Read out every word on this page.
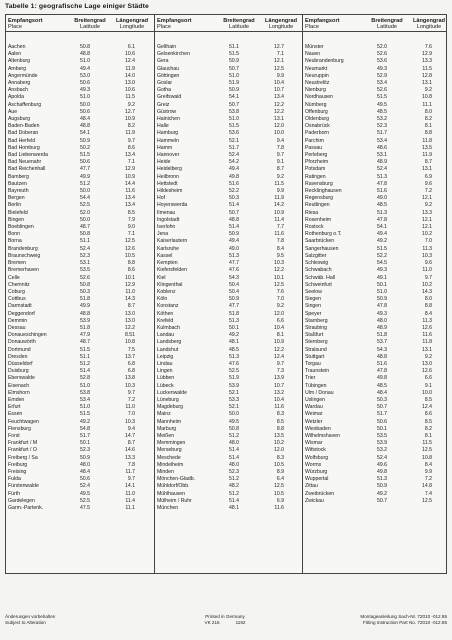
Tabelle 1: geografische Lage einiger Städte
Empfangsort
Place
Breitengrad
Latitude
Längengrad
Longitude
Aachen	50.8	6.1
Aalen	48.8	10.6
Altenburg	51.0	12.4
Amberg	49.4	11.9
Angermünde	53.0	14.0
Annaberg	50.6	13.0
Ansbach	49.3	10.6
Apolda	51.0	11.5
Aschaffenburg	50.0	9.2
Aue	50.6	12.7
Augsburg	48.4	10.9
Baden-Baden	48.8	8.2
Bad Doberan	54.1	11.9
Bad Herfeld	50.9	9.7
Bad Homburg	50.2	8.6
Bad Liebenwerda	51.5	13.4
Bad Neuenahr	50.6	7.1
Bad Reichenhall	47.7	12.9
Bamberg	49.9	10.9
Bautzen	51.2	14.4
Bayreuth	50.0	11.6
Bergen	54.4	13.4
Berlin	52.5	13.4
Bielefeld	52.0	8.5
Bingen	50.0	7.9
Boeblingen	48.7	9.0
Bonn	50.8	7.1
Borna	51.1	12.5
Brandenburg	52.4	12.6
Braunschweig	52.3	10.5
Bremen	53.1	8.8
Bremerhaven	53.5	8.6
Celle	52.6	10.1
Chemnitz	50.8	12.9
Coburg	50.3	11.0
Cottbus	51.8	14.3
Darmstadt	49.9	8.7
Deggendorf	48.8	13.0
Demmin	53.9	13.0
Dessau	51.8	12.2
Donaueschingen	47.9	8.51
Donauwörth	48.7	10.8
Dortmund	51.5	7.5
Dresden	51.1	13.7
Düsseldorf	51.2	6.8
Duisburg	51.4	6.8
Eberswalde	52.8	13.8
Eisenach	51.0	10.3
Elmshorn	53.8	9.7
Emden	53.4	7.2
Erfurt	51.0	11.0
Essen	51.5	7.0
Feuchtwagen	49.2	10.3
Flensburg	54.8	9.4
Forst	51.7	14.7
Frankfurt / M	50.1	8.7
Frankfurt / O	52.3	14.6
Freiberg / Sa	50.9	13.3
Freiburg	48.0	7.8
Freising	48.4	11.7
Fulda	50.6	9.7
Fürstenwalde	52.4	14.1
Fürth	49.5	11.0
Gardelegen	52.5	11.4
Garm.-Partenk.	47.5	11.1
Empfangsort
Place
Breitengrad
Latitude
Längengrad
Longitude
Gelthain	51.1	12.7
Gelsenkirchen	51.5	7.1
Gera	50.9	12.1
Glauchau	50.7	12.5
Göttingen	51.0	9.9
Goslar	51.9	10.4
Gotha	50.9	10.7
Greifswald	54.1	13.4
Greiz	50.7	12.2
Güstrow	53.8	12.2
Hainichen	51.0	13.1
Halle	51.5	12.0
Hamburg	53.6	10.0
Hammeln	52.1	9.4
Hamm	51.7	7.8
Hannover	52.4	9.7
Heide	54.2	9.1
Heidelberg	49.4	8.7
Heilbronn	49.8	9.2
Hettstedt	51.6	11.5
Hildesheim	52.2	9.9
Hof	50.3	11.9
Hoyerswerda	51.4	14.2
Ilmenau	50.7	10.9
Ingolstadt	48.8	11.4
Iserlohn	51.4	7.7
Jena	50.9	11.6
Kaiserlautern	49.4	7.8
Karlsruhe	49.0	8.4
Kassel	51.3	9.5
Kempten	47.7	10.3
Kiefersfelden	47.6	12.2
Kiel	54.3	10.1
Klingenthal	50.4	12.5
Koblenz	50.4	7.6
Köln	50.9	7.0
Konstanz	47.7	9.2
Köthen	51.8	12.0
Krefeld	51.3	6.6
Kulmbach	50.1	10.4
Landau	49.2	8.1
Landsberg	48.1	10.9
Landshut	48.5	12.2
Leipzig	51.3	12.4
Lindau	47.6	9.7
Lingen	52.5	7.3
Lübben	51.9	13.9
Lübeck	53.9	10.7
Luckenwalde	52.1	13.2
Lüneburg	53.3	10.4
Magdeburg	52.1	11.6
Mainz	50.0	8.3
Mannheim	49.5	8.5
Marburg	50.8	8.8
Meißen	51.2	13.5
Memmingen	48.0	10.2
Merseburg	51.4	12.0
Meschede	51.4	8.3
Mindelheim	48.0	10.5
Minden	52.3	8.9
Mönchen-Gladb.	51.2	6.4
Mühldorf/Obb.	48.2	12.5
Mühlhausen	51.2	10.5
Mülheim / Ruhr	51.4	6.9
München	48.1	11.6
Empfangsort
Place
Breitengrad
Latitude
Längengrad
Longitude
Münster	52.0	7.6
Nauen	52.6	12.9
Neubrandenburg	53.6	13.3
Neumarkt	49.3	11.5
Neuruppin	52.9	12.8
Neustrelitz	53.4	13.1
Nienburg	52.6	9.2
Nordhausen	51.5	10.8
Nürnberg	49.5	11.1
Offenburg	48.5	8.0
Oldenburg	53.2	8.2
Osnabrück	52.3	8.1
Paderborn	51.7	8.8
Parchim	53.4	11.8
Passau	48.6	13.5
Perleberg	53.1	11.9
Pforzheim	48.9	8.7
Potsdam	52.4	13.1
Ratingen	51.3	6.9
Ravensburg	47.8	9.6
Recklinghausen	51.6	7.2
Regensburg	49.0	12.1
Reutlingen	48.5	9.2
Riesa	51.3	13.3
Rosenheim	47.8	12.1
Rostock	54.1	12.1
Rothenburg o.T.	49.4	10.2
Saarbrücken	49.2	7.0
Sangerhausen	51.5	11.3
Salzgitter	52.2	10.3
Schleswig	54.5	9.6
Schwabach	49.3	11.0
Schwäb. Hall	49.1	9.7
Schweinfurt	50.1	10.2
Seelow	51.0	14.3
Siegen	50.9	8.0
Singen	47.8	8.8
Speyer	49.3	8.4
Starnberg	48.0	11.3
Straubing	48.9	12.6
Staßfurt	51.8	11.6
Sternberg	53.7	11.8
Stralsund	54.3	13.1
Stuttgart	48.8	9.2
Torgau	51.6	13.0
Traunstein	47.8	12.6
Trier	49.8	6.6
Tübingen	48.5	9.1
Ulm / Donau	48.4	10.0
Uslingen	50.3	8.5
Wardau	50.7	12.4
Weimar	51.7	8.6
Wetzler	50.6	8.5
Wiesbaden	50.1	8.2
Wilhelmshaven	53.5	8.1
Wismar	53.9	11.5
Wittstock	53.2	12.5
Wolfsburg	52.4	10.8
Worms	49.6	8.4
Würzburg	49.8	9.9
Wuppertal	51.3	7.2
Zittau	50.9	14.8
Zweibrücken	49.2	7.4
Zwickau	50.7	12.5
Änderungen vorbehalten
Subject to Alteration
Printed in Germany
VK 215	1192
Montageanleitung Sach-Nr. 72010 -012.85
Fitting Instruction Part No. 72010 -012.85
